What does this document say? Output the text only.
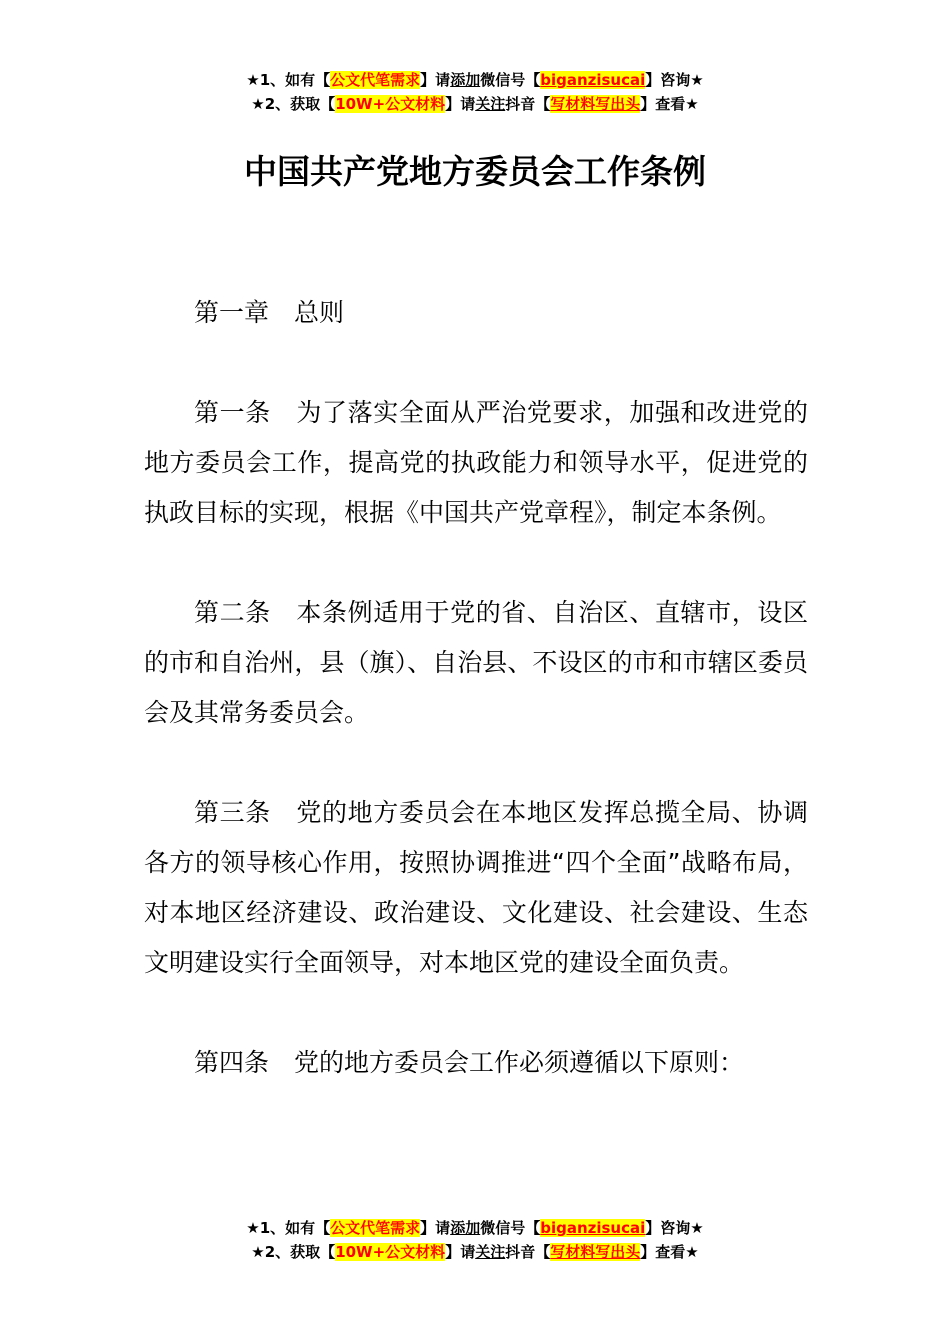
★1、如有【公文代笔需求】请添加微信号【biganzisucai】咨询★
★2、获取【10W+公文材料】请关注抖音【写材料写出头】查看★
中国共产党地方委员会工作条例

第一章　总则

第一条　为了落实全面从严治党要求，加强和改进党的地方委员会工作，提高党的执政能力和领导水平，促进党的执政目标的实现，根据《中国共产党章程》，制定本条例。

第二条　本条例适用于党的省、自治区、直辖市，设区的市和自治州，县（旗）、自治县、不设区的市和市辖区委员会及其常务委员会。

第三条　党的地方委员会在本地区发挥总揽全局、协调各方的领导核心作用，按照协调推进“四个全面”战略布局，对本地区经济建设、政治建设、文化建设、社会建设、生态文明建设实行全面领导，对本地区党的建设全面负责。

第四条　党的地方委员会工作必须遵循以下原则：

★1、如有【公文代笔需求】请添加微信号【biganzisucai】咨询★
★2、获取【10W+公文材料】请关注抖音【写材料写出头】查看★
